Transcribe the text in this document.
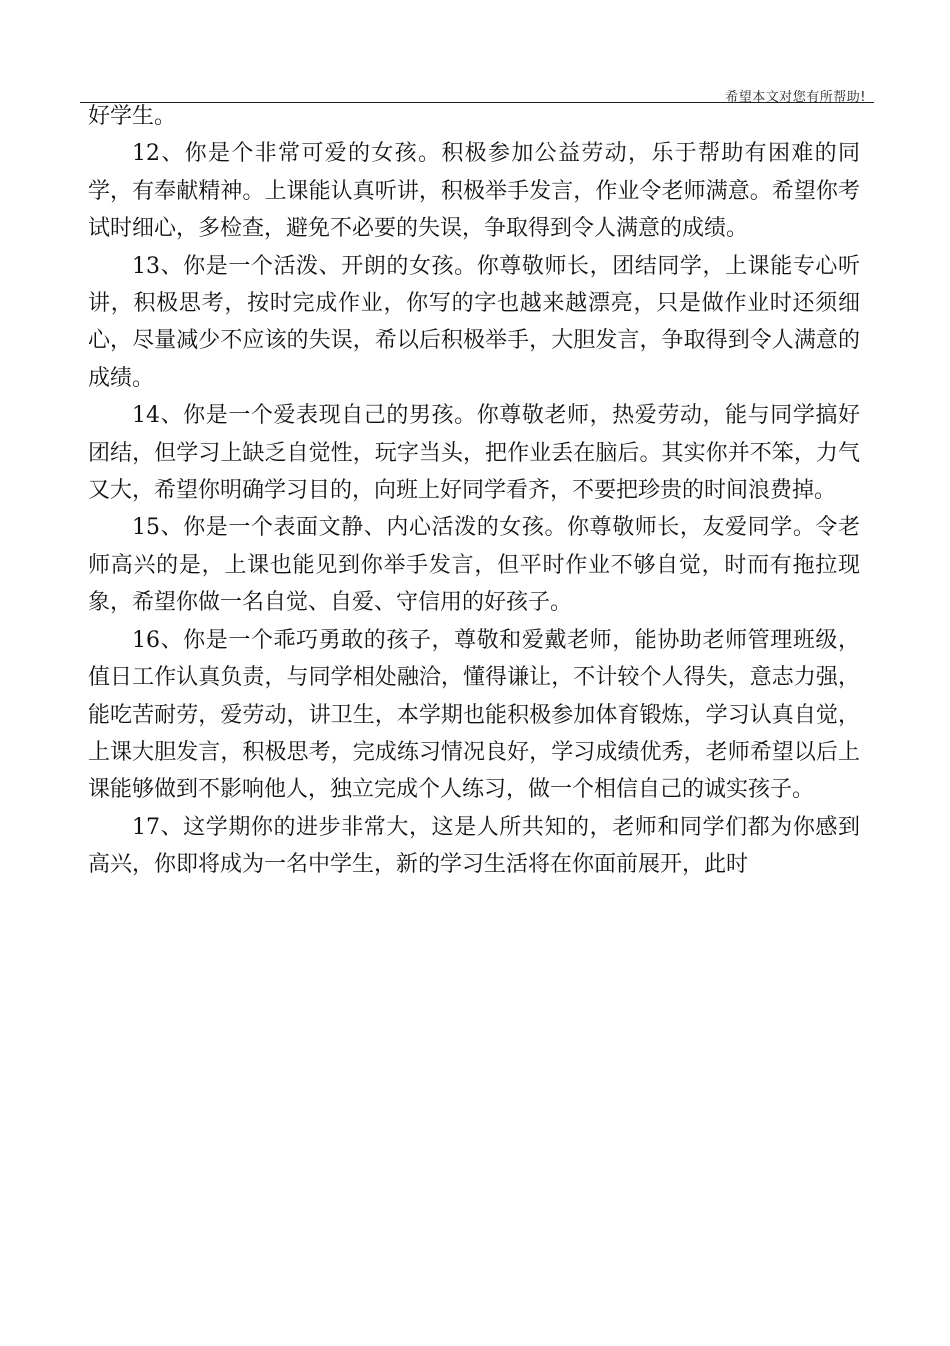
希望本文对您有所帮助!

好学生。

12、你是个非常可爱的女孩。积极参加公益劳动，乐于帮助有困难的同学，有奉献精神。上课能认真听讲，积极举手发言，作业令老师满意。希望你考试时细心，多检查，避免不必要的失误，争取得到令人满意的成绩。

13、你是一个活泼、开朗的女孩。你尊敬师长，团结同学，上课能专心听讲，积极思考，按时完成作业，你写的字也越来越漂亮，只是做作业时还须细心，尽量减少不应该的失误，希以后积极举手，大胆发言，争取得到令人满意的成绩。

14、你是一个爱表现自己的男孩。你尊敬老师，热爱劳动，能与同学搞好团结，但学习上缺乏自觉性，玩字当头，把作业丢在脑后。其实你并不笨，力气又大，希望你明确学习目的，向班上好同学看齐，不要把珍贵的时间浪费掉。

15、你是一个表面文静、内心活泼的女孩。你尊敬师长，友爱同学。令老师高兴的是，上课也能见到你举手发言，但平时作业不够自觉，时而有拖拉现象，希望你做一名自觉、自爱、守信用的好孩子。

16、你是一个乖巧勇敢的孩子，尊敬和爱戴老师，能协助老师管理班级，值日工作认真负责，与同学相处融洽，懂得谦让，不计较个人得失，意志力强，能吃苦耐劳，爱劳动，讲卫生，本学期也能积极参加体育锻炼，学习认真自觉，上课大胆发言，积极思考，完成练习情况良好，学习成绩优秀，老师希望以后上课能够做到不影响他人，独立完成个人练习，做一个相信自己的诚实孩子。

17、这学期你的进步非常大，这是人所共知的，老师和同学们都为你感到高兴，你即将成为一名中学生，新的学习生活将在你面前展开，此时
